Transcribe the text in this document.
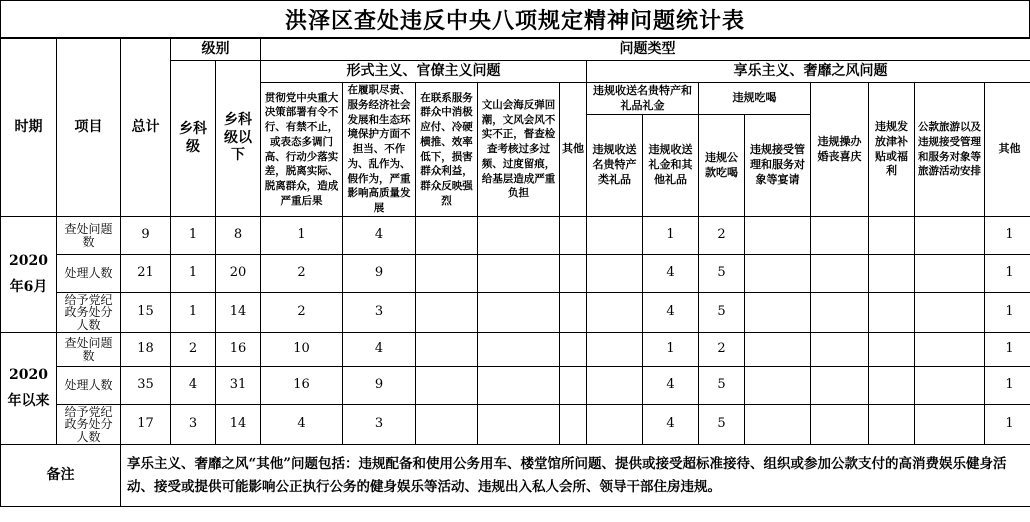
洪泽区查处违反中央八项规定精神问题统计表
时期	项目	总计	级别		问题类型												
			乡科级	乡科级以下	形式主义、官僚主义问题					享乐主义、奢靡之风问题							
					贯彻党中央重大决策部署有令不行、有禁不止，或表态多调门高、行动少落实差，脱离实际、脱离群众，造成严重后果	在履职尽责、服务经济社会发展和生态环境保护方面不担当、不作为、乱作为、假作为，严重影响高质量发展	在联系服务群众中消极应付、冷硬横推、效率低下，损害群众利益，群众反映强烈	文山会海反弹回潮，文风会风不实不正，督查检查考核过多过频、过度留痕，给基层造成严重负担	其他	违规收送名贵特产和礼品礼金		违规吃喝		违规操办婚丧喜庆	违规发放津补贴或福利	公款旅游以及违规接受管理和服务对象等旅游活动安排	其他
										违规收送名贵特产类礼品	违规收送礼金和其他礼品	违规公款吃喝	违规接受管理和服务对象等宴请				
2020年6月	查处问题数	9	1	8	1	4					1	2					1
	处理人数	21	1	20	2	9					4	5					1
	给予党纪政务处分人数	15	1	14	2	3					4	5					1
2020年以来	查处问题数	18	2	16	10	4					1	2					1
	处理人数	35	4	31	16	9					4	5					1
	给予党纪政务处分人数	17	3	14	4	3					4	5					1
备注		享乐主义、奢靡之风“其他”问题包括：违规配备和使用公务用车、楼堂馆所问题、提供或接受超标准接待、组织或参加公款支付的高消费娱乐健身活动、接受或提供可能影响公正执行公务的健身娱乐等活动、违规出入私人会所、领导干部住房违规。															
